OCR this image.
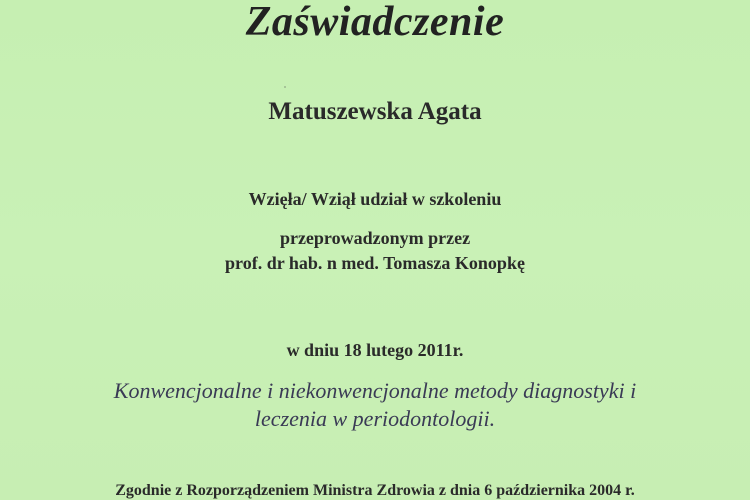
Zaświadczenie
Matuszewska Agata
Wzięła/ Wziął udział w szkoleniu
przeprowadzonym przez
prof. dr hab. n med. Tomasza Konopkę
w dniu 18 lutego 2011r.
Konwencjonalne i niekonwencjonalne metody diagnostyki i
leczenia w periodontologii.
Zgodnie z Rozporządzeniem Ministra Zdrowia z dnia 6 października 2004 r.
